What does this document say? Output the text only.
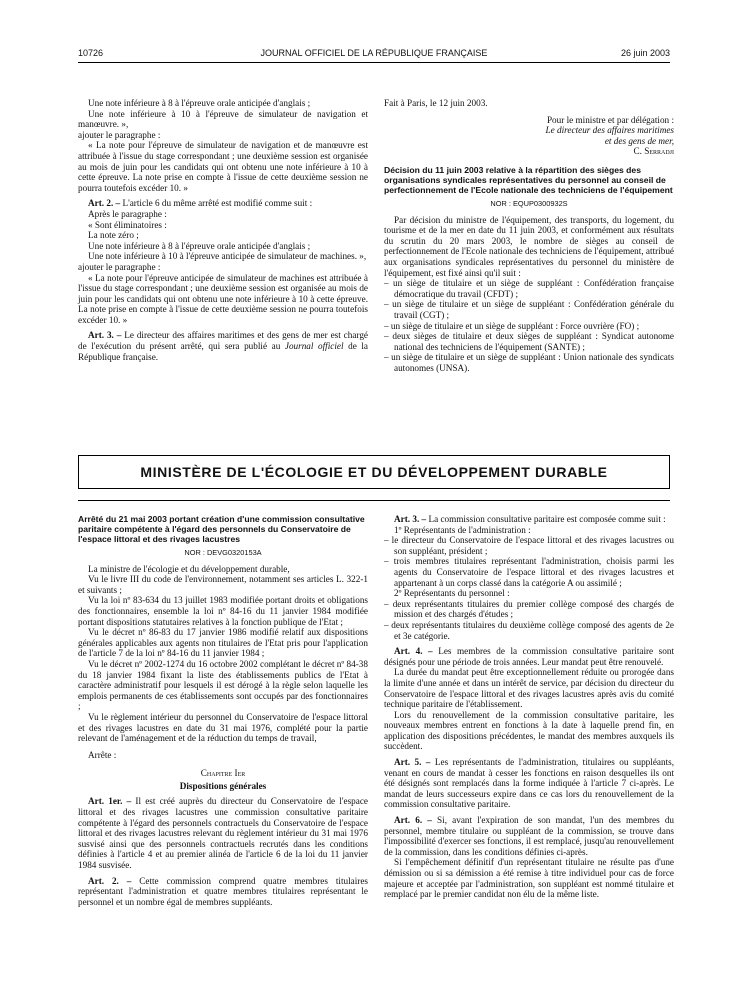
10726	JOURNAL OFFICIEL DE LA RÉPUBLIQUE FRANÇAISE	26 juin 2003

Une note inférieure à 8 à l'épreuve orale anticipée d'anglais ;

Une note inférieure à 10 à l'épreuve de simulateur de navigation et manœuvre. »,

ajouter le paragraphe :

« La note pour l'épreuve de simulateur de navigation et de manœuvre est attribuée à l'issue du stage correspondant ; une deuxième session est organisée au mois de juin pour les candidats qui ont obtenu une note inférieure à 10 à cette épreuve. La note prise en compte à l'issue de cette deuxième session ne pourra toutefois excéder 10. »

Art. 2. – L'article 6 du même arrêté est modifié comme suit :

Après le paragraphe :

« Sont éliminatoires :

La note zéro ;

Une note inférieure à 8 à l'épreuve orale anticipée d'anglais ;

Une note inférieure à 10 à l'épreuve anticipée de simulateur de machines. »,

ajouter le paragraphe :

« La note pour l'épreuve anticipée de simulateur de machines est attribuée à l'issue du stage correspondant ; une deuxième session est organisée au mois de juin pour les candidats qui ont obtenu une note inférieure à 10 à cette épreuve. La note prise en compte à l'issue de cette deuxième session ne pourra toutefois excéder 10. »

Art. 3. – Le directeur des affaires maritimes et des gens de mer est chargé de l'exécution du présent arrêté, qui sera publié au Journal officiel de la République française.

Fait à Paris, le 12 juin 2003.

Pour le ministre et par délégation :

Le directeur des affaires maritimes

et des gens de mer,

C. Serradji

Décision du 11 juin 2003 relative à la répartition des sièges des organisations syndicales représentatives du personnel au conseil de perfectionnement de l'Ecole nationale des techniciens de l'équipement

NOR : EQUP0300932S

Par décision du ministre de l'équipement, des transports, du logement, du tourisme et de la mer en date du 11 juin 2003, et conformément aux résultats du scrutin du 20 mars 2003, le nombre de sièges au conseil de perfectionnement de l'Ecole nationale des techniciens de l'équipement, attribué aux organisations syndicales représentatives du personnel du ministère de l'équipement, est fixé ainsi qu'il suit :

– un siège de titulaire et un siège de suppléant : Confédération française démocratique du travail (CFDT) ;

– un siège de titulaire et un siège de suppléant : Confédération générale du travail (CGT) ;

– un siège de titulaire et un siège de suppléant : Force ouvrière (FO) ;

– deux sièges de titulaire et deux sièges de suppléant : Syndicat autonome national des techniciens de l'équipement (SANTE) ;

– un siège de titulaire et un siège de suppléant : Union nationale des syndicats autonomes (UNSA).

MINISTÈRE DE L'ÉCOLOGIE ET DU DÉVELOPPEMENT DURABLE

Arrêté du 21 mai 2003 portant création d'une commission consultative paritaire compétente à l'égard des personnels du Conservatoire de l'espace littoral et des rivages lacustres

NOR : DEVG0320153A

La ministre de l'écologie et du développement durable,

Vu le livre III du code de l'environnement, notamment ses articles L. 322-1 et suivants ;

Vu la loi nº 83-634 du 13 juillet 1983 modifiée portant droits et obligations des fonctionnaires, ensemble la loi nº 84-16 du 11 janvier 1984 modifiée portant dispositions statutaires relatives à la fonction publique de l'Etat ;

Vu le décret nº 86-83 du 17 janvier 1986 modifié relatif aux dispositions générales applicables aux agents non titulaires de l'Etat pris pour l'application de l'article 7 de la loi nº 84-16 du 11 janvier 1984 ;

Vu le décret nº 2002-1274 du 16 octobre 2002 complétant le décret nº 84-38 du 18 janvier 1984 fixant la liste des établissements publics de l'Etat à caractère administratif pour lesquels il est dérogé à la règle selon laquelle les emplois permanents de ces établissements sont occupés par des fonctionnaires ;

Vu le règlement intérieur du personnel du Conservatoire de l'espace littoral et des rivages lacustres en date du 31 mai 1976, complété pour la partie relevant de l'aménagement et de la réduction du temps de travail,

Arrête :

Chapitre Ier

Dispositions générales

Art. 1er. – Il est créé auprès du directeur du Conservatoire de l'espace littoral et des rivages lacustres une commission consultative paritaire compétente à l'égard des personnels contractuels du Conservatoire de l'espace littoral et des rivages lacustres relevant du règlement intérieur du 31 mai 1976 susvisé ainsi que des personnels contractuels recrutés dans les conditions définies à l'article 4 et au premier alinéa de l'article 6 de la loi du 11 janvier 1984 susvisée.

Art. 2. – Cette commission comprend quatre membres titulaires représentant l'administration et quatre membres titulaires représentant le personnel et un nombre égal de membres suppléants.

Art. 3. – La commission consultative paritaire est composée comme suit :

1º Représentants de l'administration :

– le directeur du Conservatoire de l'espace littoral et des rivages lacustres ou son suppléant, président ;

– trois membres titulaires représentant l'administration, choisis parmi les agents du Conservatoire de l'espace littoral et des rivages lacustres et appartenant à un corps classé dans la catégorie A ou assimilé ;

2º Représentants du personnel :

– deux représentants titulaires du premier collège composé des chargés de mission et des chargés d'études ;

– deux représentants titulaires du deuxième collège composé des agents de 2e et 3e catégorie.

Art. 4. – Les membres de la commission consultative paritaire sont désignés pour une période de trois années. Leur mandat peut être renouvelé.

La durée du mandat peut être exceptionnellement réduite ou prorogée dans la limite d'une année et dans un intérêt de service, par décision du directeur du Conservatoire de l'espace littoral et des rivages lacustres après avis du comité technique paritaire de l'établissement.

Lors du renouvellement de la commission consultative paritaire, les nouveaux membres entrent en fonctions à la date à laquelle prend fin, en application des dispositions précédentes, le mandat des membres auxquels ils succèdent.

Art. 5. – Les représentants de l'administration, titulaires ou suppléants, venant en cours de mandat à cesser les fonctions en raison desquelles ils ont été désignés sont remplacés dans la forme indiquée à l'article 7 ci-après. Le mandat de leurs successeurs expire dans ce cas lors du renouvellement de la commission consultative paritaire.

Art. 6. – Si, avant l'expiration de son mandat, l'un des membres du personnel, membre titulaire ou suppléant de la commission, se trouve dans l'impossibilité d'exercer ses fonctions, il est remplacé, jusqu'au renouvellement de la commission, dans les conditions définies ci-après.

Si l'empêchement définitif d'un représentant titulaire ne résulte pas d'une démission ou si sa démission a été remise à titre individuel pour cas de force majeure et acceptée par l'administration, son suppléant est nommé titulaire et remplacé par le premier candidat non élu de la même liste.
